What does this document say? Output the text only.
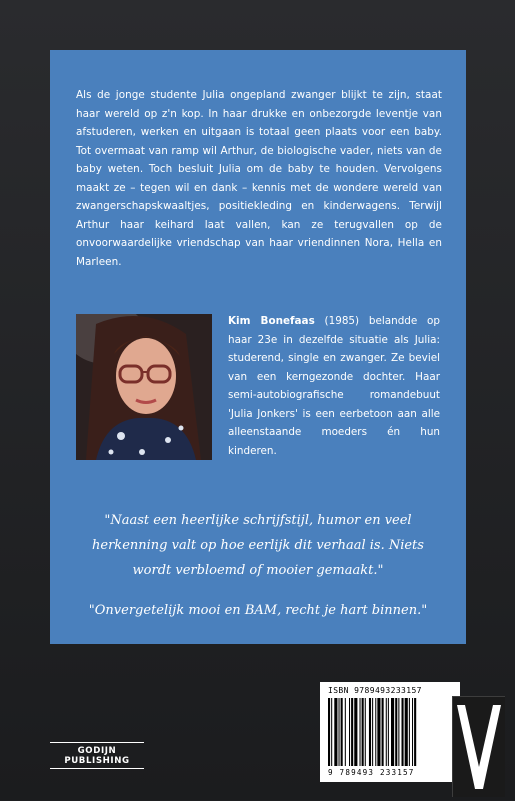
Als de jonge studente Julia ongepland zwanger blijkt te zijn, staat haar wereld op z'n kop. In haar drukke en onbezorgde leventje van afstuderen, werken en uitgaan is totaal geen plaats voor een baby. Tot overmaat van ramp wil Arthur, de biologische vader, niets van de baby weten. Toch besluit Julia om de baby te houden. Vervolgens maakt ze – tegen wil en dank – kennis met de wondere wereld van zwangerschapskwaaltjes, positiekleding en kinderwagens. Terwijl Arthur haar keihard laat vallen, kan ze terugvallen op de onvoorwaardelijke vriendschap van haar vriendinnen Nora, Hella en Marleen.

Kim Bonefaas (1985) belandde op haar 23e in dezelfde situatie als Julia: studerend, single en zwanger. Ze beviel van een kerngezonde dochter. Haar semi-autobiografische romandebuut 'Julia Jonkers' is een eerbetoon aan alle alleenstaande moeders én hun kinderen.

"Naast een heerlijke schrijfstijl, humor en veel herkenning valt op hoe eerlijk dit verhaal is. Niets wordt verbloemd of mooier gemaakt."

"Onvergetelijk mooi en BAM, recht je hart binnen."

GODIJN PUBLISHING
ISBN 9789493233157
9 789493 233157
